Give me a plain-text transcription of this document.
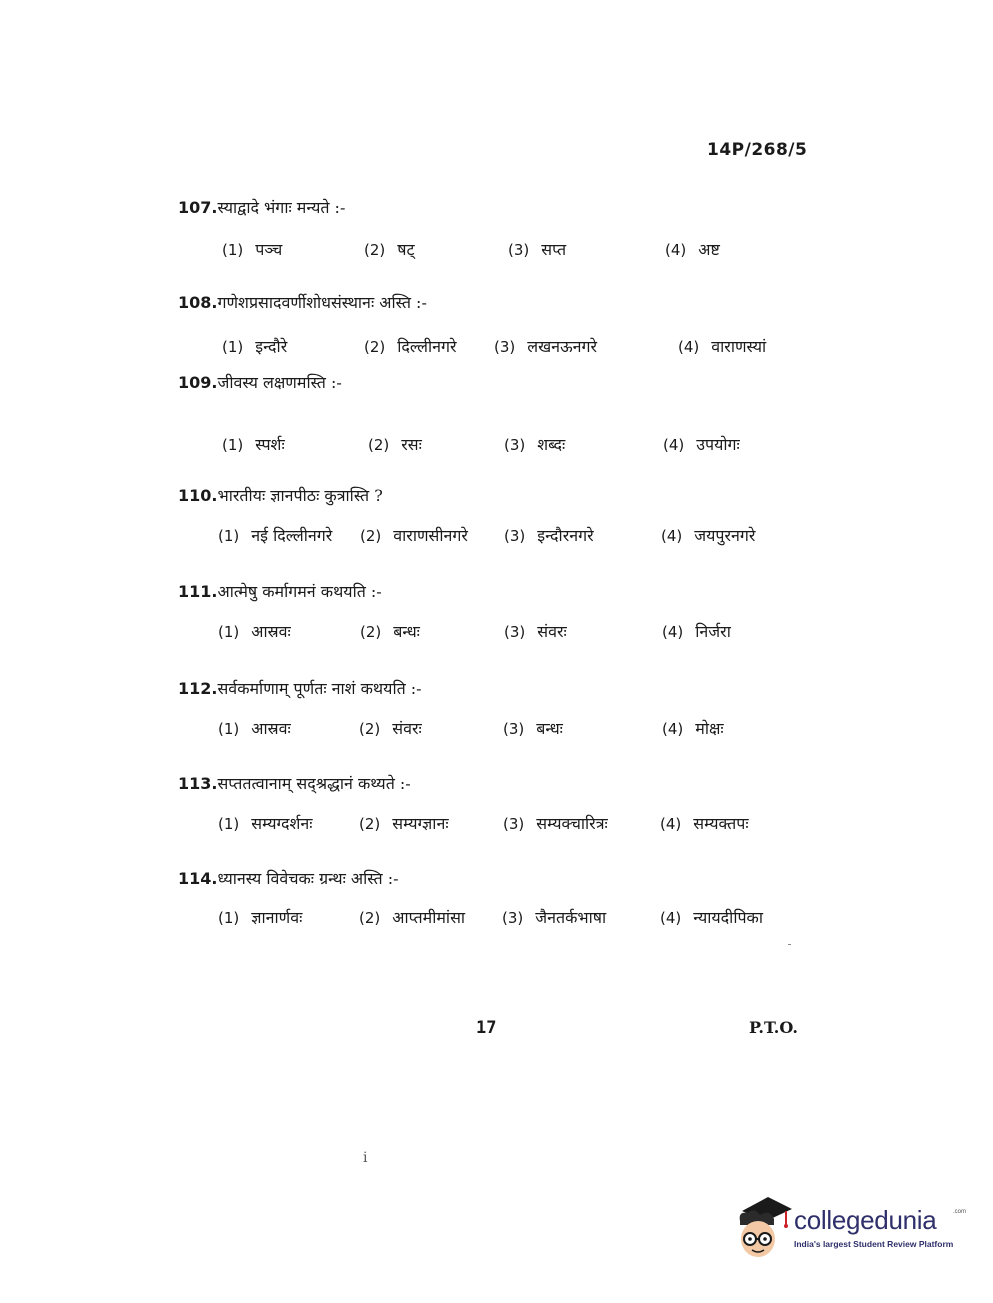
14P/268/5
107.स्याद्वादे भंगाः मन्यते :-
(1) पञ्च	(2) षट्	(3) सप्त	(4) अष्ट
108.गणेशप्रसादवर्णीशोधसंस्थानः अस्ति :-
(1) इन्दौरे	(2) दिल्लीनगरे (3) लखनऊनगरे	(4) वाराणस्यां
109.जीवस्य लक्षणमस्ति :-
(1) स्पर्शः	(2) रसः	(3) शब्दः	(4) उपयोगः
110.भारतीयः ज्ञानपीठः कुत्रास्ति ?
(1) नई दिल्लीनगरे (2) वाराणसीनगरे (3) इन्दौरनगरे	(4) जयपुरनगरे
111.आत्मेषु कर्मागमनं कथयति :-
(1) आस्रवः	(2) बन्धः	(3) संवरः	(4) निर्जरा
112.सर्वकर्माणाम् पूर्णतः नाशं कथयति :-
(1) आस्रवः	(2) संवरः	(3) बन्धः	(4) मोक्षः
113.सप्ततत्वानाम् सद्श्रद्धानं कथ्यते :-
(1) सम्यग्दर्शनः	(2) सम्यग्ज्ञानः	(3) सम्यक्चारित्रः	(4) सम्यक्तपः
114.ध्यानस्य विवेचकः ग्रन्थः अस्ति :-
(1) ज्ञानार्णवः	(2) आप्तमीमांसा (3) जैनतर्कभाषा	(4) न्यायदीपिका
17	P.T.O.
i
collegedunia	.com
India's largest Student Review Platform
